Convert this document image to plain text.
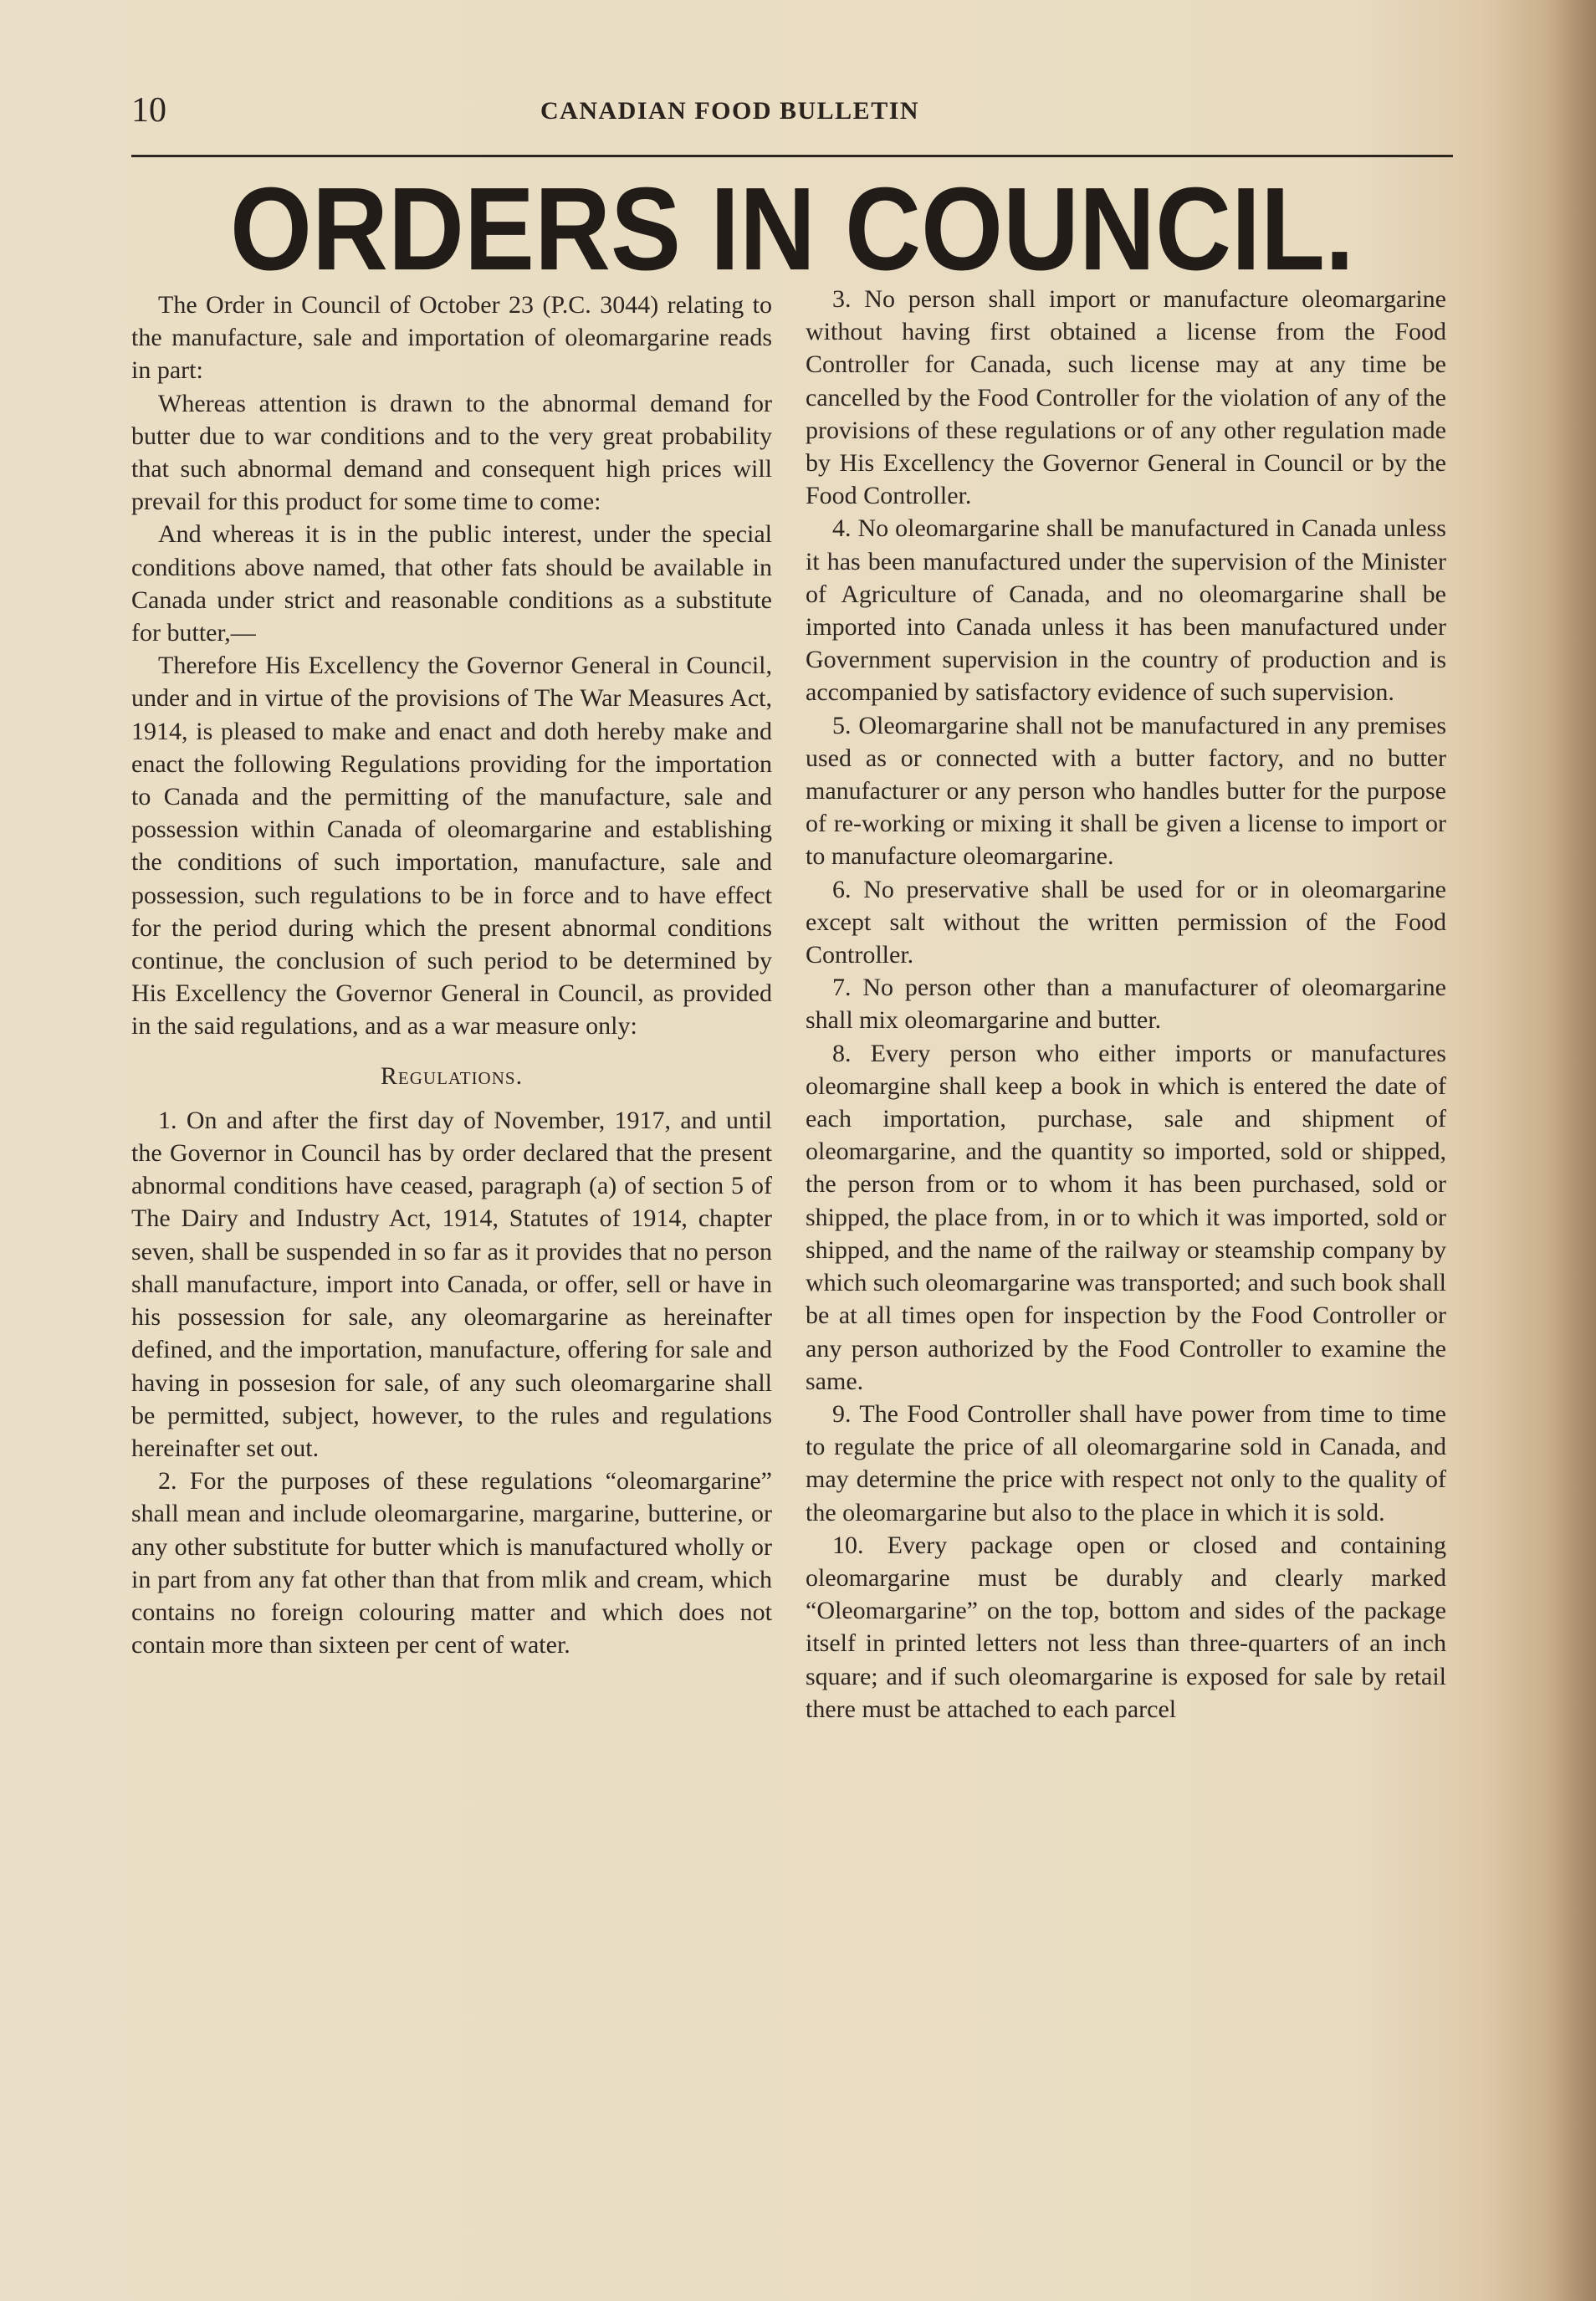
10	CANADIAN FOOD BULLETIN
ORDERS IN COUNCIL.

The Order in Council of October 23 (P.C. 3044) relating to the manufacture, sale and importation of oleomargarine reads in part:

Whereas attention is drawn to the abnormal demand for butter due to war conditions and to the very great probability that such abnormal demand and consequent high prices will prevail for this product for some time to come:

And whereas it is in the public interest, under the special conditions above named, that other fats should be available in Canada under strict and reasonable conditions as a substitute for butter,—

Therefore His Excellency the Governor General in Council, under and in virtue of the provisions of The War Measures Act, 1914, is pleased to make and enact and doth hereby make and enact the following Regulations providing for the importation to Canada and the permitting of the manufacture, sale and possession within Canada of oleomargarine and establishing the conditions of such importation, manufacture, sale and possession, such regulations to be in force and to have effect for the period during which the present abnormal conditions continue, the conclusion of such period to be determined by His Excellency the Governor General in Council, as provided in the said regulations, and as a war measure only:

Regulations.

1. On and after the first day of November, 1917, and until the Governor in Council has by order declared that the present abnormal conditions have ceased, paragraph (a) of section 5 of The Dairy and Industry Act, 1914, Statutes of 1914, chapter seven, shall be suspended in so far as it provides that no person shall manufacture, import into Canada, or offer, sell or have in his possession for sale, any oleomargarine as hereinafter defined, and the importation, manufacture, offering for sale and having in possesion for sale, of any such oleomargarine shall be permitted, subject, however, to the rules and regulations hereinafter set out.

2. For the purposes of these regulations “oleomargarine” shall mean and include oleomargarine, margarine, butterine, or any other substitute for butter which is manufactured wholly or in part from any fat other than that from mlik and cream, which contains no foreign colouring matter and which does not contain more than sixteen per cent of water.

3. No person shall import or manufacture oleomargarine without having first obtained a license from the Food Controller for Canada, such license may at any time be cancelled by the Food Controller for the violation of any of the provisions of these regulations or of any other regulation made by His Excellency the Governor General in Council or by the Food Controller.

4. No oleomargarine shall be manufactured in Canada unless it has been manufactured under the supervision of the Minister of Agriculture of Canada, and no oleomargarine shall be imported into Canada unless it has been manufactured under Government supervision in the country of production and is accompanied by satisfactory evidence of such supervision.

5. Oleomargarine shall not be manufactured in any premises used as or connected with a butter factory, and no butter manufacturer or any person who handles butter for the purpose of re-working or mixing it shall be given a license to import or to manufacture oleomargarine.

6. No preservative shall be used for or in oleomargarine except salt without the written permission of the Food Controller.

7. No person other than a manufacturer of oleomargarine shall mix oleomargarine and butter.

8. Every person who either imports or manufactures oleomargine shall keep a book in which is entered the date of each importation, purchase, sale and shipment of oleomargarine, and the quantity so imported, sold or shipped, the person from or to whom it has been purchased, sold or shipped, the place from, in or to which it was imported, sold or shipped, and the name of the railway or steamship company by which such oleomargarine was transported; and such book shall be at all times open for inspection by the Food Controller or any person authorized by the Food Controller to examine the same.

9. The Food Controller shall have power from time to time to regulate the price of all oleomargarine sold in Canada, and may determine the price with respect not only to the quality of the oleomargarine but also to the place in which it is sold.

10. Every package open or closed and containing oleomargarine must be durably and clearly marked “Oleomargarine” on the top, bottom and sides of the package itself in printed letters not less than three-quarters of an inch square; and if such oleomargarine is exposed for sale by retail there must be attached to each parcel
